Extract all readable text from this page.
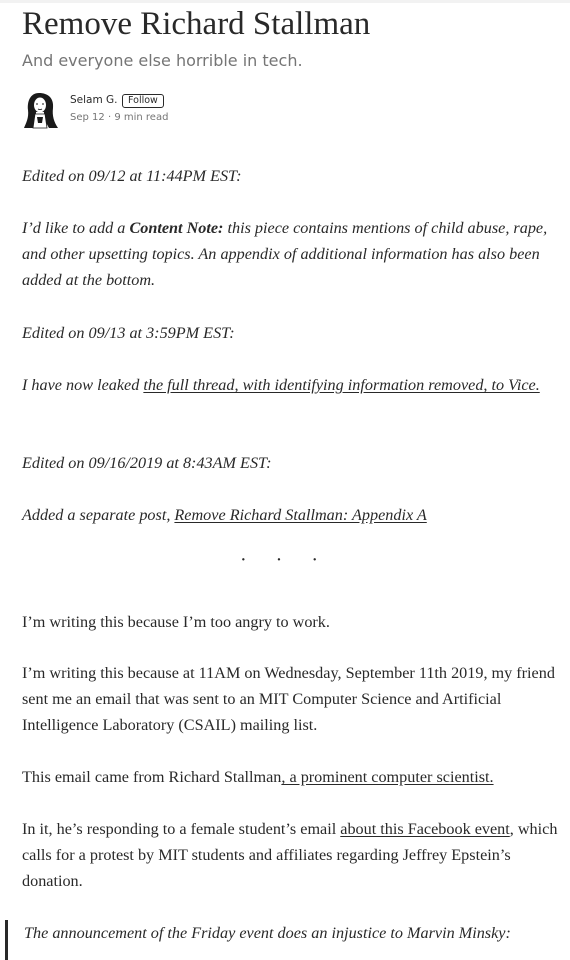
Remove Richard Stallman

And everyone else horrible in tech.

Selam G.	Follow
Sep 12 · 9 min read

Edited on 09/12 at 11:44PM EST:

I’d like to add a Content Note: this piece contains mentions of child abuse, rape, and other upsetting topics. An appendix of additional information has also been added at the bottom.

Edited on 09/13 at 3:59PM EST:

I have now leaked the full thread, with identifying information removed, to Vice.

Edited on 09/16/2019 at 8:43AM EST:

Added a separate post, Remove Richard Stallman: Appendix A

· · ·

I’m writing this because I’m too angry to work.

I’m writing this because at 11AM on Wednesday, September 11th 2019, my friend sent me an email that was sent to an MIT Computer Science and Artificial Intelligence Laboratory (CSAIL) mailing list.

This email came from Richard Stallman, a prominent computer scientist.

In it, he’s responding to a female student’s email about this Facebook event, which calls for a protest by MIT students and affiliates regarding Jeffrey Epstein’s donation.

The announcement of the Friday event does an injustice to Marvin Minsky:
